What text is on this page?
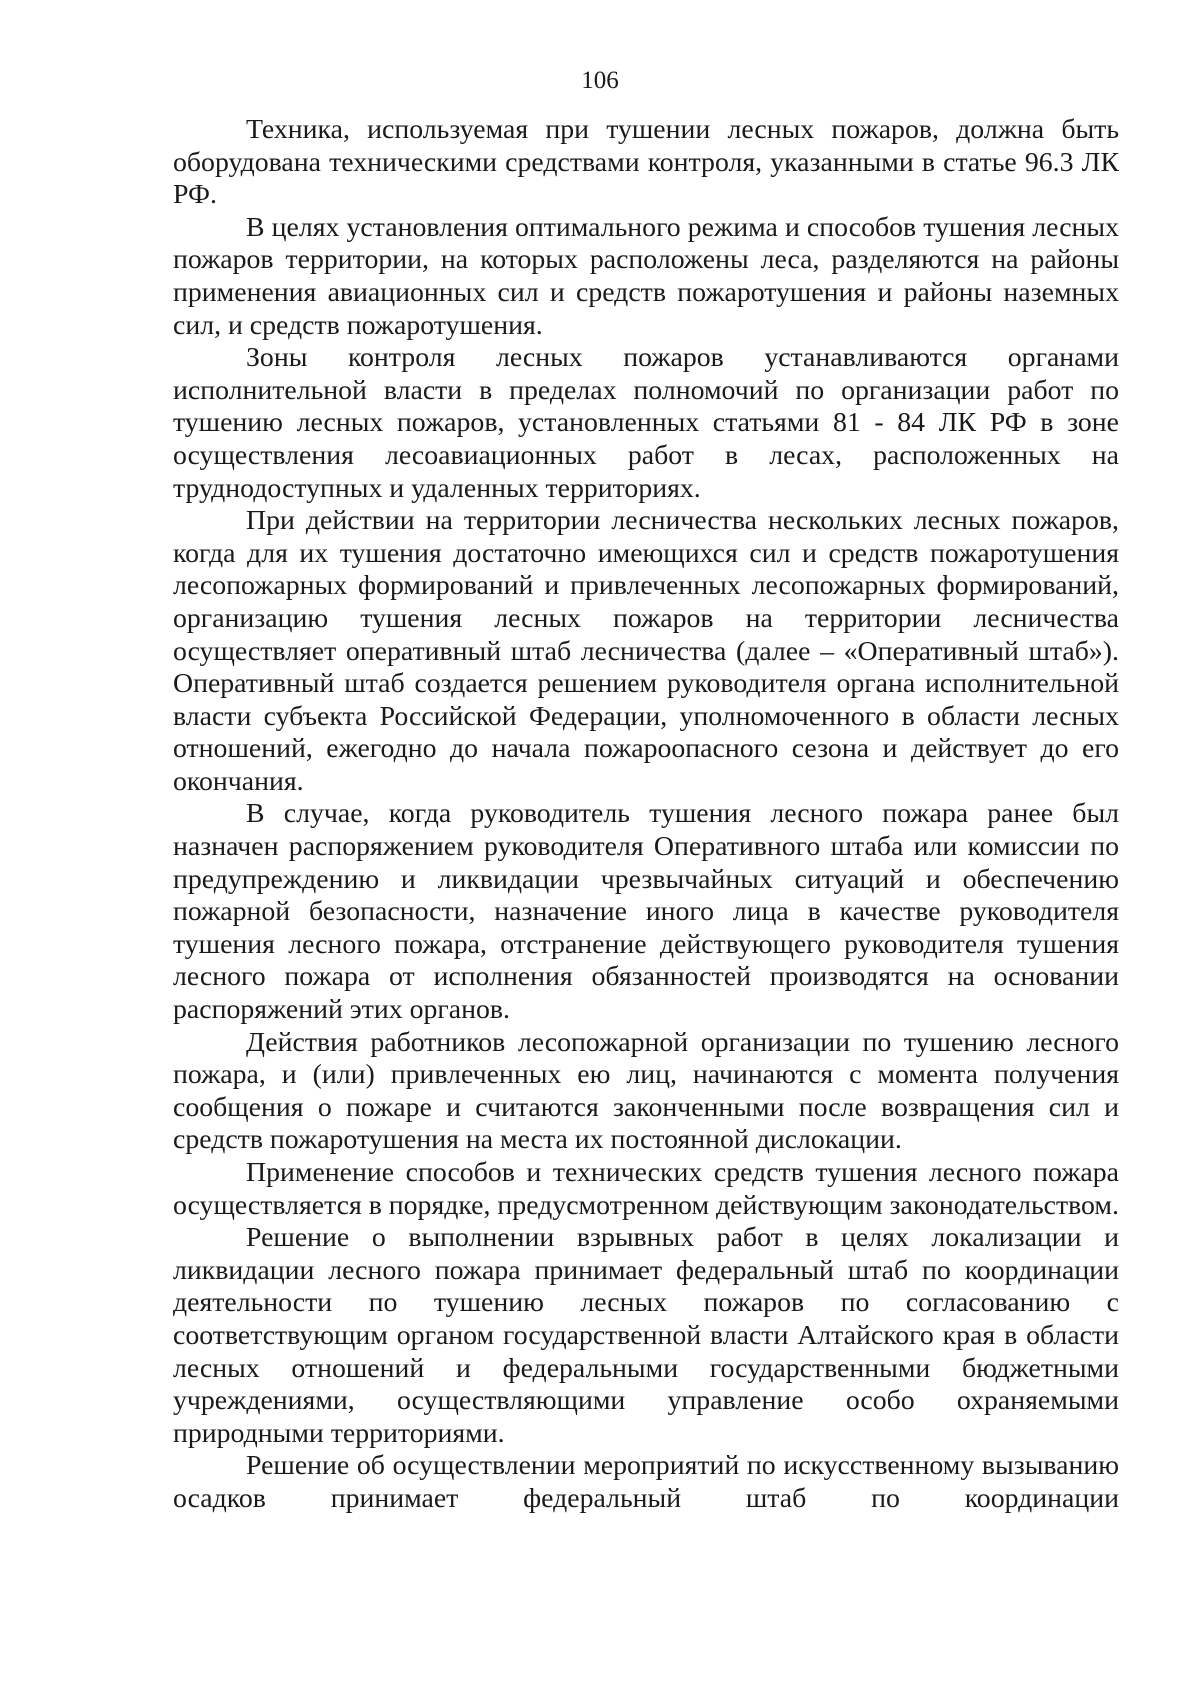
106

Техника, используемая при тушении лесных пожаров, должна быть оборудована техническими средствами контроля, указанными в статье 96.3 ЛК РФ.

В целях установления оптимального режима и способов тушения лесных пожаров территории, на которых расположены леса, разделяются на районы применения авиационных сил и средств пожаротушения и районы наземных сил, и средств пожаротушения.

Зоны контроля лесных пожаров устанавливаются органами исполнительной власти в пределах полномочий по организации работ по тушению лесных пожаров, установленных статьями 81 - 84 ЛК РФ в зоне осуществления лесоавиационных работ в лесах, расположенных на труднодоступных и удаленных территориях.

При действии на территории лесничества нескольких лесных пожаров, когда для их тушения достаточно имеющихся сил и средств пожаротушения лесопожарных формирований и привлеченных лесопожарных формирований, организацию тушения лесных пожаров на территории лесничества осуществляет оперативный штаб лесничества (далее – «Оперативный штаб»). Оперативный штаб создается решением руководителя органа исполнительной власти субъекта Российской Федерации, уполномоченного в области лесных отношений, ежегодно до начала пожароопасного сезона и действует до его окончания.

В случае, когда руководитель тушения лесного пожара ранее был назначен распоряжением руководителя Оперативного штаба или комиссии по предупреждению и ликвидации чрезвычайных ситуаций и обеспечению пожарной безопасности, назначение иного лица в качестве руководителя тушения лесного пожара, отстранение действующего руководителя тушения лесного пожара от исполнения обязанностей производятся на основании распоряжений этих органов.

Действия работников лесопожарной организации по тушению лесного пожара, и (или) привлеченных ею лиц, начинаются с момента получения сообщения о пожаре и считаются законченными после возвращения сил и средств пожаротушения на места их постоянной дислокации.

Применение способов и технических средств тушения лесного пожара осуществляется в порядке, предусмотренном действующим законодательством.

Решение о выполнении взрывных работ в целях локализации и ликвидации лесного пожара принимает федеральный штаб по координации деятельности по тушению лесных пожаров по согласованию с соответствующим органом государственной власти Алтайского края в области лесных отношений и федеральными государственными бюджетными учреждениями, осуществляющими управление особо охраняемыми природными территориями.

Решение об осуществлении мероприятий по искусственному вызыванию осадков принимает федеральный штаб по координации
